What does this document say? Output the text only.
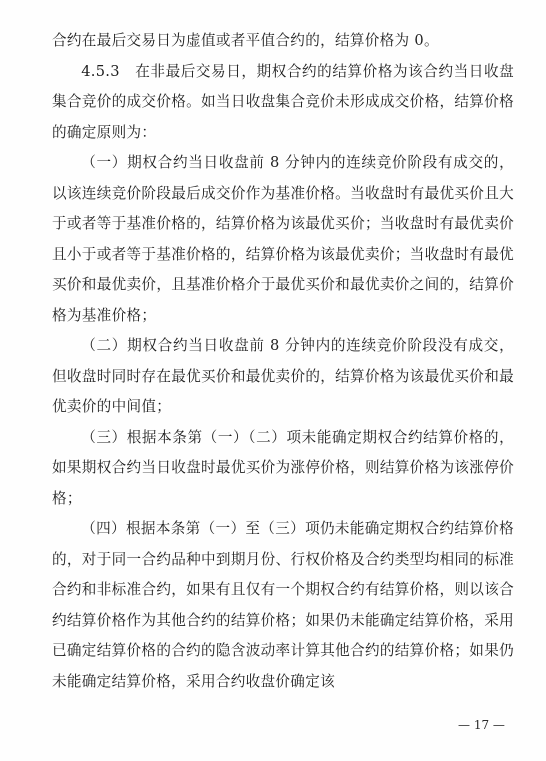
合约在最后交易日为虚值或者平值合约的，结算价格为 0。

4.5.3　在非最后交易日，期权合约的结算价格为该合约当日收盘集合竞价的成交价格。如当日收盘集合竞价未形成成交价格，结算价格的确定原则为：

（一）期权合约当日收盘前 8 分钟内的连续竞价阶段有成交的，以该连续竞价阶段最后成交价作为基准价格。当收盘时有最优买价且大于或者等于基准价格的，结算价格为该最优买价；当收盘时有最优卖价且小于或者等于基准价格的，结算价格为该最优卖价；当收盘时有最优买价和最优卖价，且基准价格介于最优买价和最优卖价之间的，结算价格为基准价格；

（二）期权合约当日收盘前 8 分钟内的连续竞价阶段没有成交，但收盘时同时存在最优买价和最优卖价的，结算价格为该最优买价和最优卖价的中间值；

（三）根据本条第（一）（二）项未能确定期权合约结算价格的，如果期权合约当日收盘时最优买价为涨停价格，则结算价格为该涨停价格；

（四）根据本条第（一）至（三）项仍未能确定期权合约结算价格的，对于同一合约品种中到期月份、行权价格及合约类型均相同的标准合约和非标准合约，如果有且仅有一个期权合约有结算价格，则以该合约结算价格作为其他合约的结算价格；如果仍未能确定结算价格，采用已确定结算价格的合约的隐含波动率计算其他合约的结算价格；如果仍未能确定结算价格，采用合约收盘价确定该

— 17 —
